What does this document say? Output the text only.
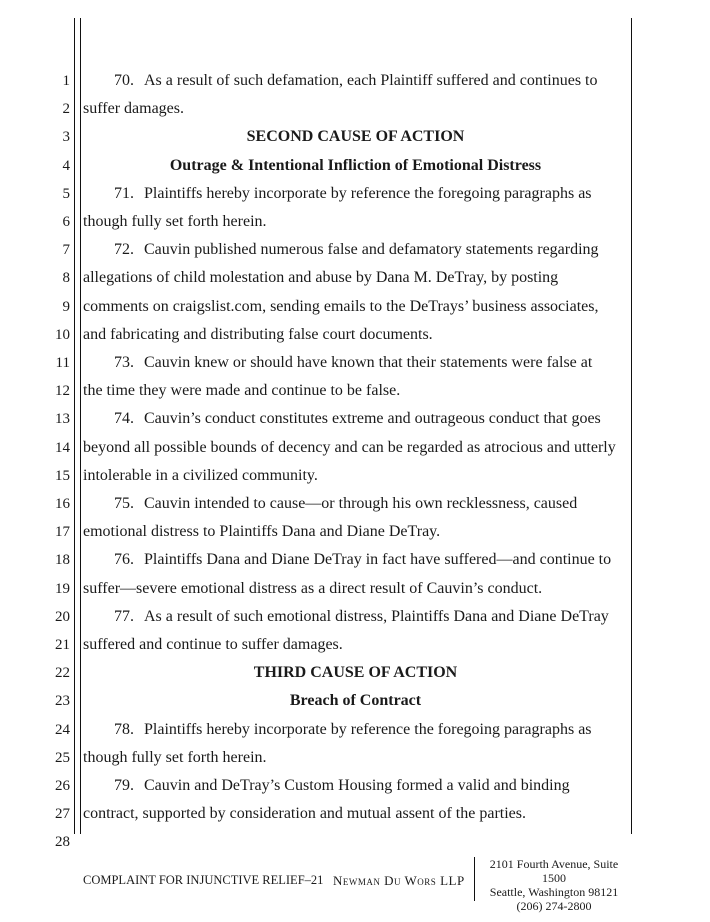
1
2
3
4
5
6
7
8
9
10
11
12
13
14
15
16
17
18
19
20
21
22
23
24
25
26
27
28
70. As a result of such defamation, each Plaintiff suffered and continues to
suffer damages.
SECOND CAUSE OF ACTION
Outrage & Intentional Infliction of Emotional Distress
71. Plaintiffs hereby incorporate by reference the foregoing paragraphs as
though fully set forth herein.
72. Cauvin published numerous false and defamatory statements regarding
allegations of child molestation and abuse by Dana M. DeTray, by posting
comments on craigslist.com, sending emails to the DeTrays’ business associates,
and fabricating and distributing false court documents.
73. Cauvin knew or should have known that their statements were false at
the time they were made and continue to be false.
74. Cauvin’s conduct constitutes extreme and outrageous conduct that goes
beyond all possible bounds of decency and can be regarded as atrocious and utterly
intolerable in a civilized community.
75. Cauvin intended to cause—or through his own recklessness, caused
emotional distress to Plaintiffs Dana and Diane DeTray.
76. Plaintiffs Dana and Diane DeTray in fact have suffered—and continue to
suffer—severe emotional distress as a direct result of Cauvin’s conduct.
77. As a result of such emotional distress, Plaintiffs Dana and Diane DeTray
suffered and continue to suffer damages.
THIRD CAUSE OF ACTION
Breach of Contract
78. Plaintiffs hereby incorporate by reference the foregoing paragraphs as
though fully set forth herein.
79. Cauvin and DeTray’s Custom Housing formed a valid and binding
contract, supported by consideration and mutual assent of the parties.
COMPLAINT FOR INJUNCTIVE RELIEF–21 Newman Du Wors LLP
2101 Fourth Avenue, Suite 1500
Seattle, Washington 98121
(206) 274-2800
